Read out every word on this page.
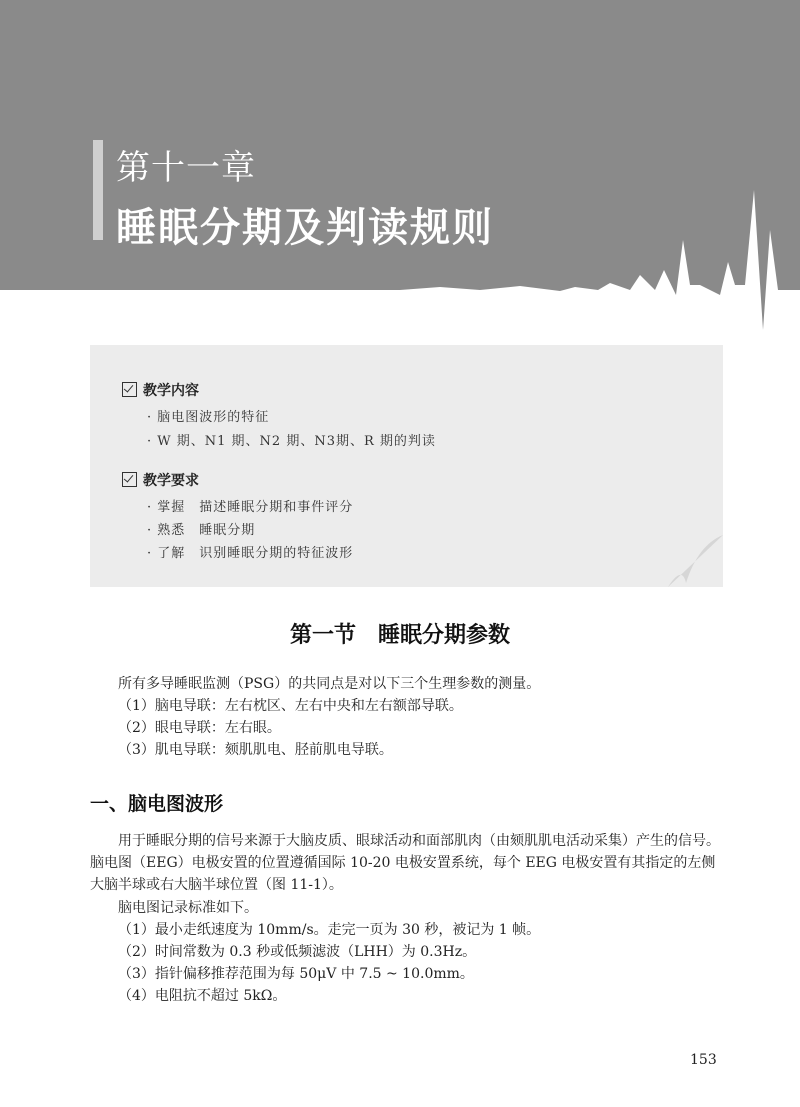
第十一章
睡眠分期及判读规则
教学内容
· 脑电图波形的特征
· W 期、N1 期、N2 期、N3期、R 期的判读
教学要求
· 掌握　描述睡眠分期和事件评分
· 熟悉　睡眠分期
· 了解　识别睡眠分期的特征波形
第一节　睡眠分期参数
所有多导睡眠监测（PSG）的共同点是对以下三个生理参数的测量。
（1）脑电导联：左右枕区、左右中央和左右额部导联。
（2）眼电导联：左右眼。
（3）肌电导联：颏肌肌电、胫前肌电导联。
一、脑电图波形
用于睡眠分期的信号来源于大脑皮质、眼球活动和面部肌肉（由颏肌肌电活动采集）产生的信号。脑电图（EEG）电极安置的位置遵循国际 10-20 电极安置系统，每个 EEG 电极安置有其指定的左侧大脑半球或右大脑半球位置（图 11-1）。
脑电图记录标准如下。
（1）最小走纸速度为 10mm/s。走完一页为 30 秒，被记为 1 帧。
（2）时间常数为 0.3 秒或低频滤波（LHH）为 0.3Hz。
（3）指针偏移推荐范围为每 50μV 中 7.5 ~ 10.0mm。
（4）电阻抗不超过 5kΩ。
153
